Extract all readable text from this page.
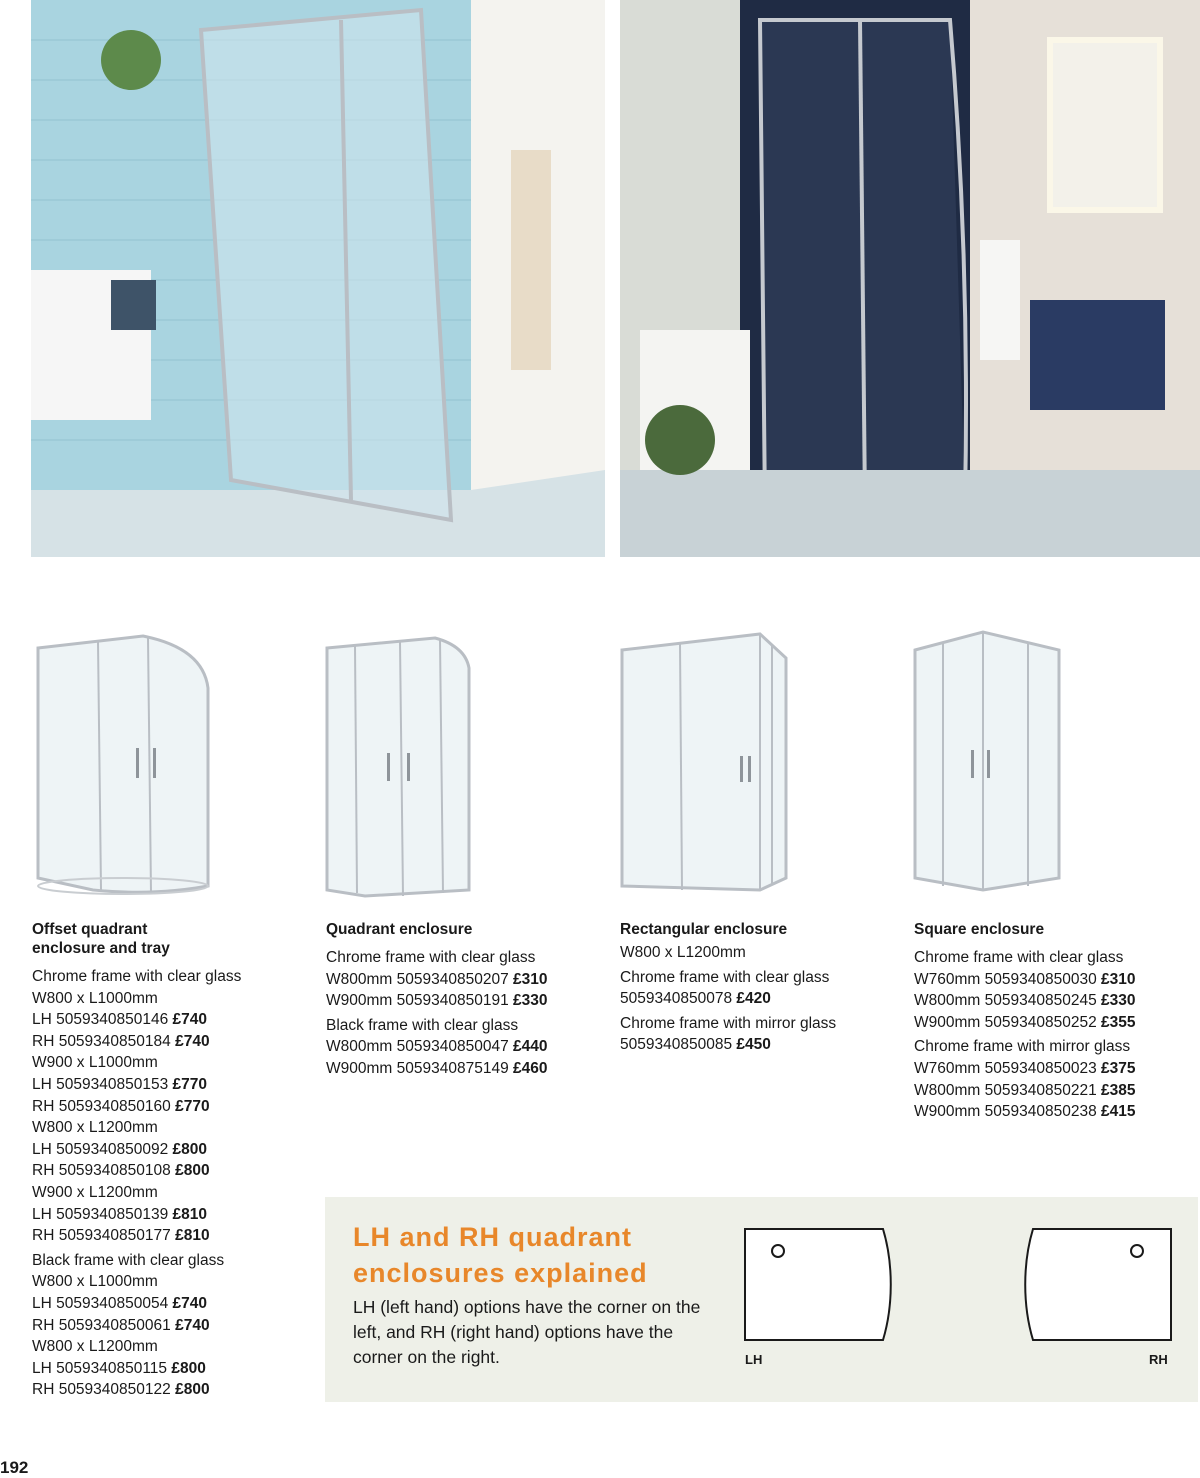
Offset quadrant enclosure and tray
Chrome frame with clear glass
W800 x L1000mm
LH 5059340850146 £740
RH 5059340850184 £740
W900 x L1000mm
LH 5059340850153 £770
RH 5059340850160 £770
W800 x L1200mm
LH 5059340850092 £800
RH 5059340850108 £800
W900 x L1200mm
LH 5059340850139 £810
RH 5059340850177 £810
Black frame with clear glass
W800 x L1000mm
LH 5059340850054 £740
RH 5059340850061 £740
W800 x L1200mm
LH 5059340850115 £800
RH 5059340850122 £800
Quadrant enclosure
Chrome frame with clear glass
W800mm 5059340850207 £310
W900mm 5059340850191 £330
Black frame with clear glass
W800mm 5059340850047 £440
W900mm 5059340875149 £460
Rectangular enclosure
W800 x L1200mm
Chrome frame with clear glass
5059340850078 £420
Chrome frame with mirror glass
5059340850085 £450
Square enclosure
Chrome frame with clear glass
W760mm 5059340850030 £310
W800mm 5059340850245 £330
W900mm 5059340850252 £355
Chrome frame with mirror glass
W760mm 5059340850023 £375
W800mm 5059340850221 £385
W900mm 5059340850238 £415
LH and RH quadrant enclosures explained
LH (left hand) options have the corner on the left, and RH (right hand) options have the corner on the right.	LH	RH
192
